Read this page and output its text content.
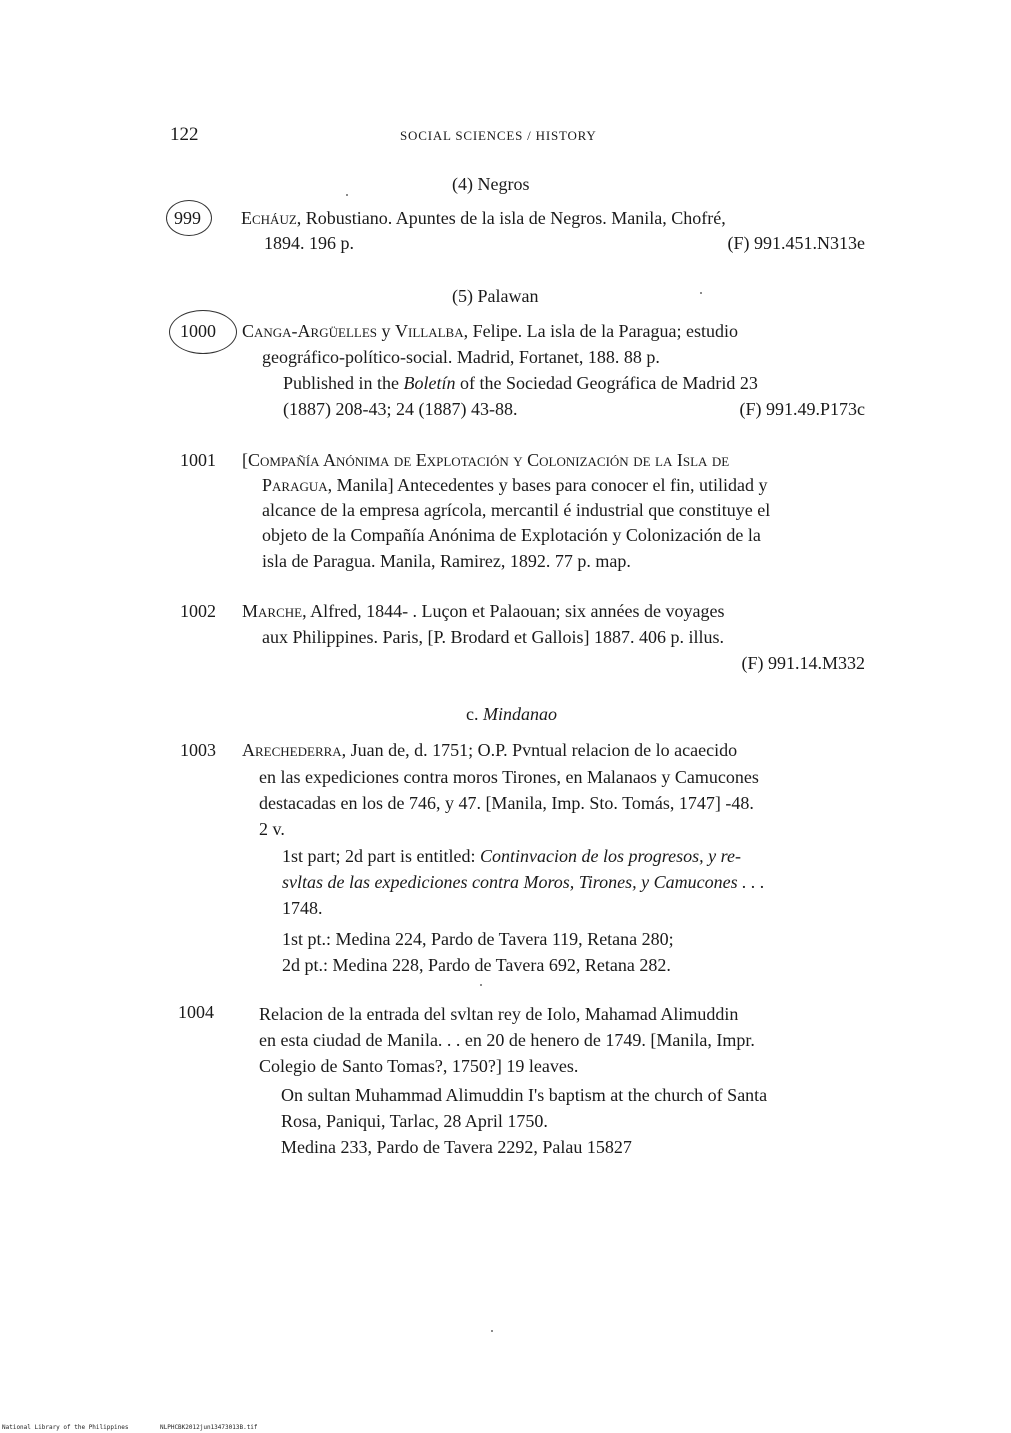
122	SOCIAL SCIENCES / HISTORY
(4) Negros
999 Echáuz, Robustiano. Apuntes de la isla de Negros. Manila, Chofré,
1894. 196 p.	(F) 991.451.N313e
(5) Palawan
1000 Canga-Argüelles y Villalba, Felipe. La isla de la Paragua; estudio
geográfico-político-social. Madrid, Fortanet, 188. 88 p.
Published in the Boletín of the Sociedad Geográfica de Madrid 23
(1887) 208-43; 24 (1887) 43-88.	(F) 991.49.P173c
1001 [Compañía Anónima de Explotación y Colonización de la Isla de
Paragua, Manila] Antecedentes y bases para conocer el fin, utilidad y
alcance de la empresa agrícola, mercantil é industrial que constituye el
objeto de la Compañía Anónima de Explotación y Colonización de la
isla de Paragua. Manila, Ramirez, 1892. 77 p. map.
1002 Marche, Alfred, 1844- . Luçon et Palaouan; six années de voyages
aux Philippines. Paris, [P. Brodard et Gallois] 1887. 406 p. illus.
(F) 991.14.M332
c. Mindanao
1003 Arechederra, Juan de, d. 1751; O.P. Pvntual relacion de lo acaecido
en las expediciones contra moros Tirones, en Malanaos y Camucones
destacadas en los de 746, y 47. [Manila, Imp. Sto. Tomás, 1747] -48.
2 v.
1st part; 2d part is entitled: Continvacion de los progresos, y re-
svltas de las expediciones contra Moros, Tirones, y Camucones . . .
1748.
1st pt.: Medina 224, Pardo de Tavera 119, Retana 280;
2d pt.: Medina 228, Pardo de Tavera 692, Retana 282.
1004	Relacion de la entrada del svltan rey de Iolo, Mahamad Alimuddin
en esta ciudad de Manila. . . en 20 de henero de 1749. [Manila, Impr.
Colegio de Santo Tomas?, 1750?] 19 leaves.
On sultan Muhammad Alimuddin I's baptism at the church of Santa
Rosa, Paniqui, Tarlac, 28 April 1750.
Medina 233, Pardo de Tavera 2292, Palau 15827
National Library of the Philippines	NLPHCBK2012jun13473013B.tif
